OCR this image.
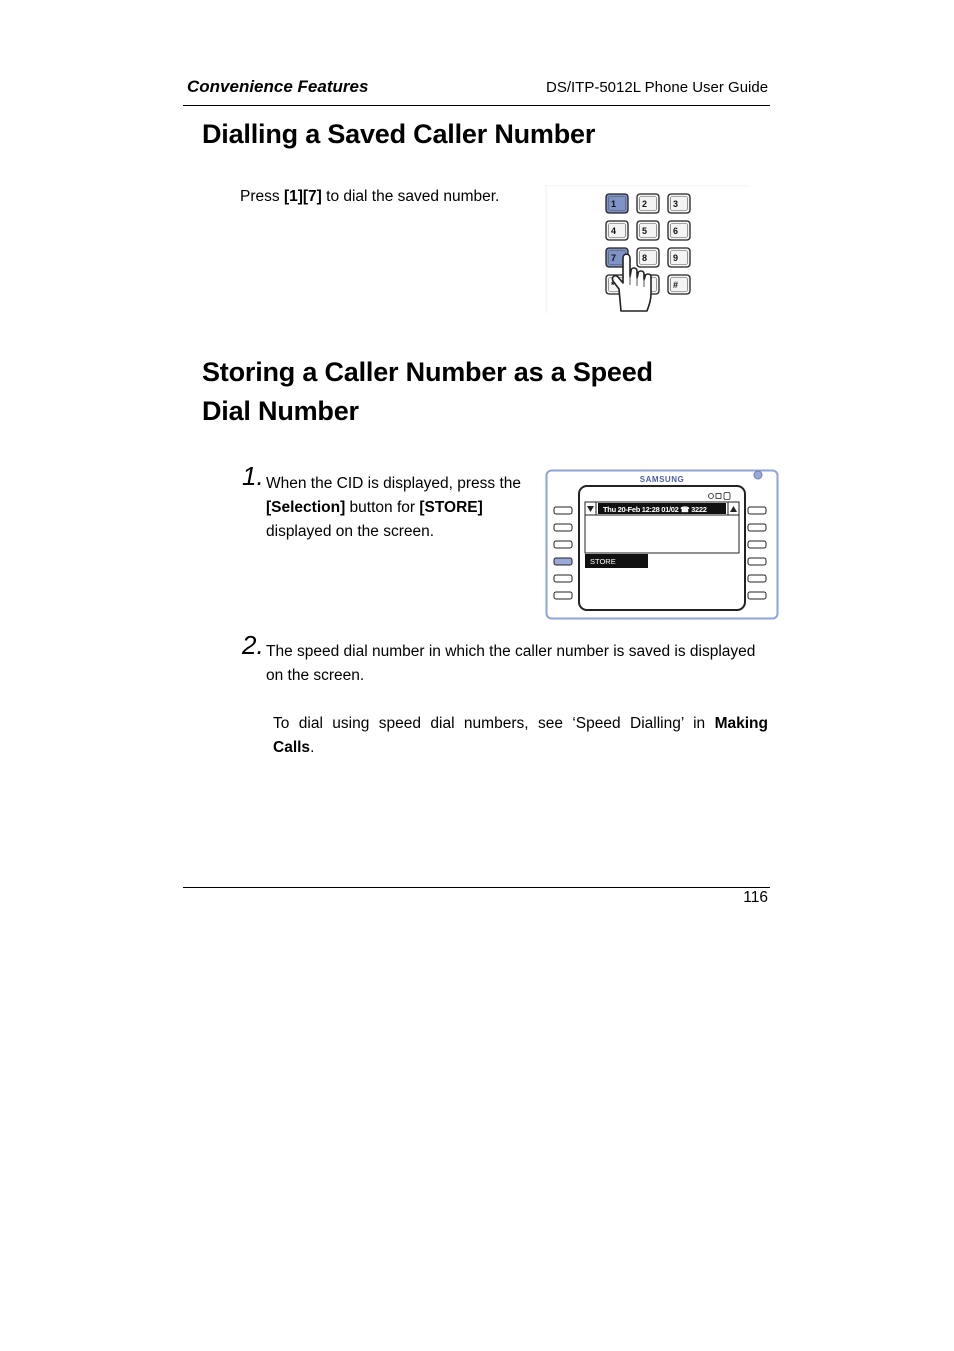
Convenience Features	DS/ITP-5012L Phone User Guide
Dialling a Saved Caller Number
Press [1][7] to dial the saved number.	1	2	3
4	5	6
7	8	9
*	#
Storing a Caller Number as a Speed
Dial Number
1. When the CID is displayed, press the
[Selection] button for [STORE]
displayed on the screen.
SAMSUNG
Thu 20-Feb 12:28 01/02 ☎ 3222
STORE
2. The speed dial number in which the caller number is saved is displayed
on the screen.
To dial using speed dial numbers, see ‘Speed Dialling’ in Making
Calls.
116
